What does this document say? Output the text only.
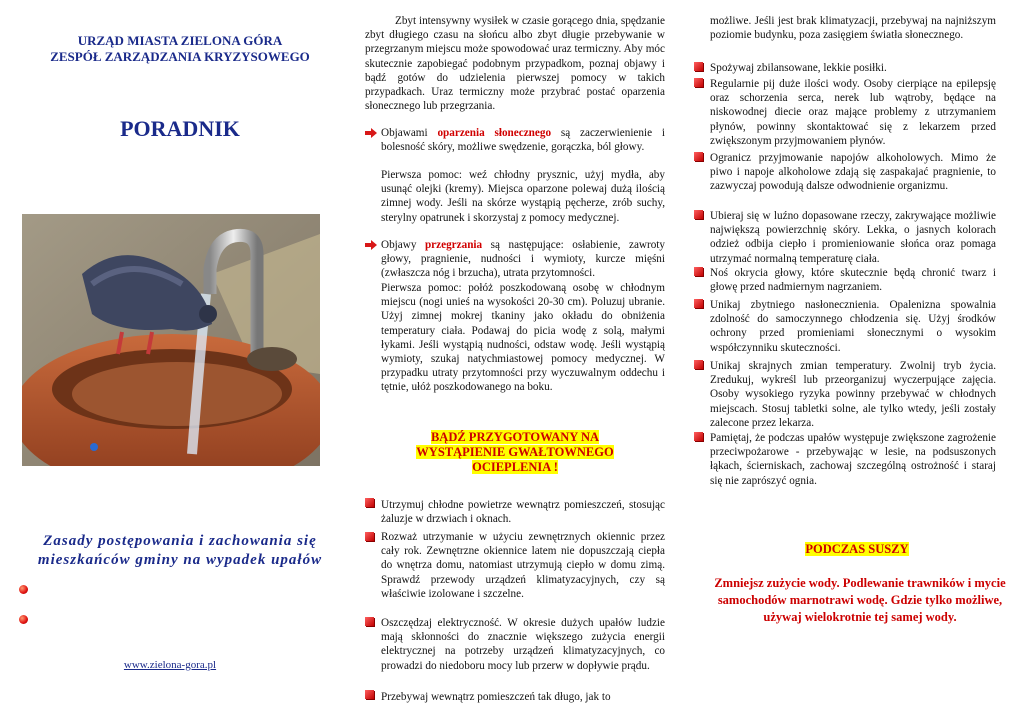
URZĄD MIASTA ZIELONA GÓRA
ZESPÓŁ ZARZĄDZANIA KRYZYSOWEGO
PORADNIK
Zasady postępowania i zachowania się mieszkańców gminy na wypadek upałów
www.zielona-gora.pl
Zbyt intensywny wysiłek w czasie gorącego dnia, spędzanie zbyt długiego czasu na słońcu albo zbyt długie przebywanie w przegrzanym miejscu może spowodować uraz termiczny. Aby móc skutecznie zapobiegać podobnym przypadkom, poznaj objawy i bądź gotów do udzielenia pierwszej pomocy w takich przypadkach. Uraz termiczny może przybrać postać oparzenia słonecznego lub przegrzania.
Objawami oparzenia słonecznego są zaczerwienienie i bolesność skóry, możliwe swędzenie, gorączka, ból głowy.
Pierwsza pomoc: weź chłodny prysznic, użyj mydła, aby usunąć olejki (kremy). Miejsca oparzone polewaj dużą ilością zimnej wody. Jeśli na skórze wystąpią pęcherze, zrób suchy, sterylny opatrunek i skorzystaj z pomocy medycznej.
Objawy przegrzania są następujące: osłabienie, zawroty głowy, pragnienie, nudności i wymioty, kurcze mięśni (zwłaszcza nóg i brzucha), utrata przytomności.
Pierwsza pomoc: połóż poszkodowaną osobę w chłodnym miejscu (nogi unieś na wysokości 20-30 cm). Poluzuj ubranie. Użyj zimnej mokrej tkaniny jako okładu do obniżenia temperatury ciała. Podawaj do picia wodę z solą, małymi łykami. Jeśli wystąpią nudności, odstaw wodę. Jeśli wystąpią wymioty, szukaj natychmiastowej pomocy medycznej. W przypadku utraty przytomności przy wyczuwalnym oddechu i tętnie, ułóż poszkodowanego na boku.
BĄDŹ PRZYGOTOWANY NA WYSTĄPIENIE GWAŁTOWNEGO OCIEPLENIA !
Utrzymuj chłodne powietrze wewnątrz pomieszczeń, stosując żaluzje w drzwiach i oknach.
Rozważ utrzymanie w użyciu zewnętrznych okiennic przez cały rok. Zewnętrzne okiennice latem nie dopuszczają ciepła do wnętrza domu, natomiast utrzymują ciepło w domu zimą. Sprawdź przewody urządzeń klimatyzacyjnych, czy są właściwie izolowane i szczelne.
Oszczędzaj elektryczność. W okresie dużych upałów ludzie mają skłonności do znacznie większego zużycia energii elektrycznej na potrzeby urządzeń klimatyzacyjnych, co prowadzi do niedoboru mocy lub przerw w dopływie prądu.
Przebywaj wewnątrz pomieszczeń tak długo, jak to
możliwe. Jeśli jest brak klimatyzacji, przebywaj na najniższym poziomie budynku, poza zasięgiem światła słonecznego.
Spożywaj zbilansowane, lekkie posiłki.
Regularnie pij duże ilości wody. Osoby cierpiące na epilepsję oraz schorzenia serca, nerek lub wątroby, będące na niskowodnej diecie oraz mające problemy z utrzymaniem płynów, powinny skontaktować się z lekarzem przed zwiększonym przyjmowaniem płynów.
Ogranicz przyjmowanie napojów alkoholowych. Mimo że piwo i napoje alkoholowe zdają się zaspakajać pragnienie, to zazwyczaj powodują dalsze odwodnienie organizmu.
Ubieraj się w luźno dopasowane rzeczy, zakrywające możliwie największą powierzchnię skóry. Lekka, o jasnych kolorach odzież odbija ciepło i promieniowanie słońca oraz pomaga utrzymać normalną temperaturę ciała.
Noś okrycia głowy, które skutecznie będą chronić twarz i głowę przed nadmiernym nagrzaniem.
Unikaj zbytniego nasłonecznienia. Opalenizna spowalnia zdolność do samoczynnego chłodzenia się. Użyj środków ochrony przed promieniami słonecznymi o wysokim współczynniku skuteczności.
Unikaj skrajnych zmian temperatury. Zwolnij tryb życia. Zredukuj, wykreśl lub przeorganizuj wyczerpujące zajęcia. Osoby wysokiego ryzyka powinny przebywać w chłodnych miejscach. Stosuj tabletki solne, ale tylko wtedy, jeśli zostały zalecone przez lekarza.
Pamiętaj, że podczas upałów występuje zwiększone zagrożenie przeciwpożarowe - przebywając w lesie, na podsuszonych łąkach, ścierniskach, zachowaj szczególną ostrożność i staraj się nie zaprószyć ognia.
PODCZAS SUSZY
Zmniejsz zużycie wody. Podlewanie trawników i mycie samochodów marnotrawi wodę. Gdzie tylko możliwe, używaj wielokrotnie tej samej wody.
